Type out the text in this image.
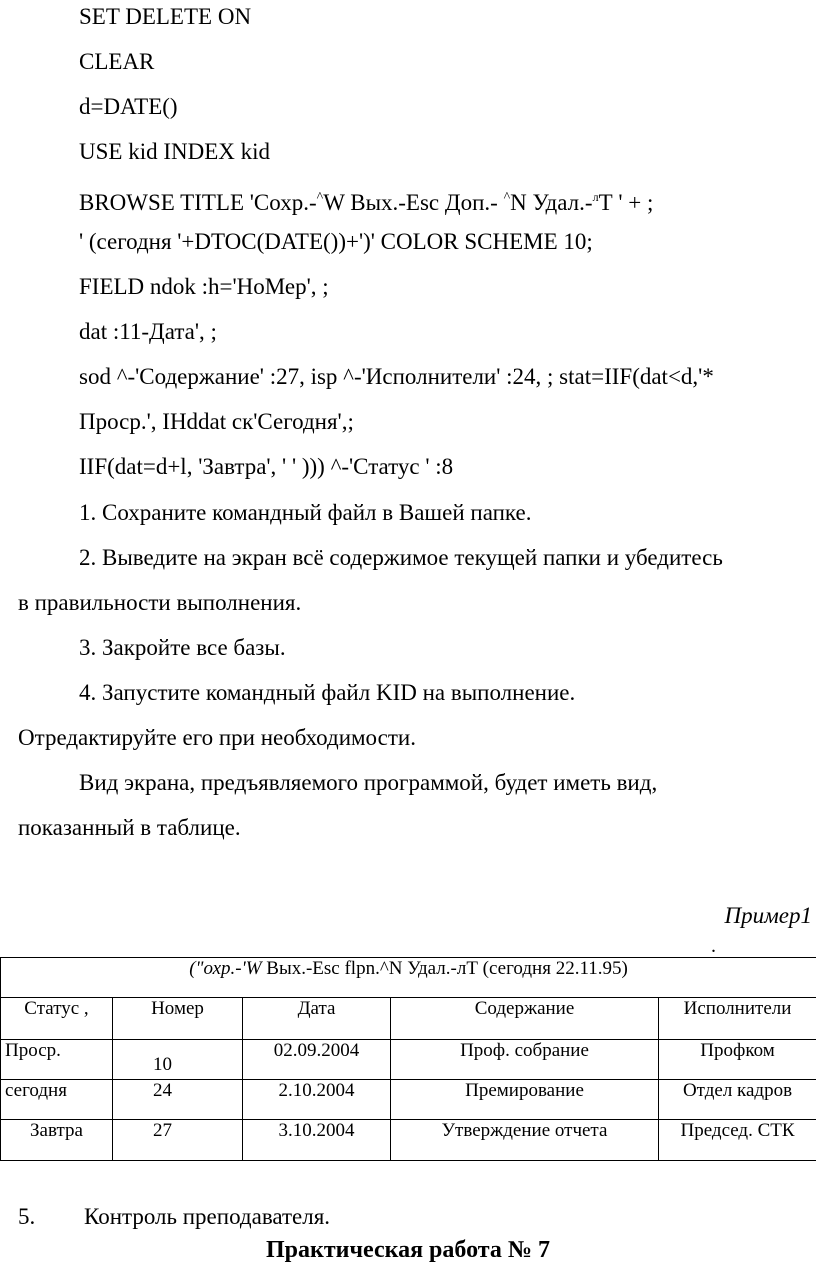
SET DELETE ON
CLEAR
d=DATE()
USE kid INDEX kid
BROWSE TITLE 'Сохр.-^W Вых.-Esc Доп.- ^N Удал.-$^л$Т ' + ;
' (сегодня '+DTOC(DATE())+')' COLOR SCHEME 10;
FIELD ndok :h='НоМер', ;
dat :11-Дата', ;
sod ^-'Содержание' :27, isp ^-'Исполнители' :24, ; stat=IIF(dat<d,'*
Проср.', IHddat ск'Сегодня',;
IIF(dat=d+l, 'Завтра', ' ' ))) ^-'Статус ' :8
1. Сохраните командный файл в Вашей папке.
2. Выведите на экран всё содержимое текущей папки и убедитесь
в правильности выполнения.
3. Закройте все базы.
4. Запустите командный файл KID на выполнение.
Отредактируйте его при необходимости.
Вид экрана, предъявляемого программой, будет иметь вид,
показанный в таблице.
Пример1
.
("охр.-'W Вых.-Esc flpn.^N Удал.-лТ (сегодня 22.11.95)				
Статус ,	Номер	Дата	Содержание	Исполнители
Проср.	10	02.09.2004	Проф. собрание	Профком
сегодня	24	2.10.2004	Премирование	Отдел кадров
Завтра	27	3.10.2004	Утверждение отчета	Председ. СТК
5. Контроль преподавателя.
Практическая работа № 7
